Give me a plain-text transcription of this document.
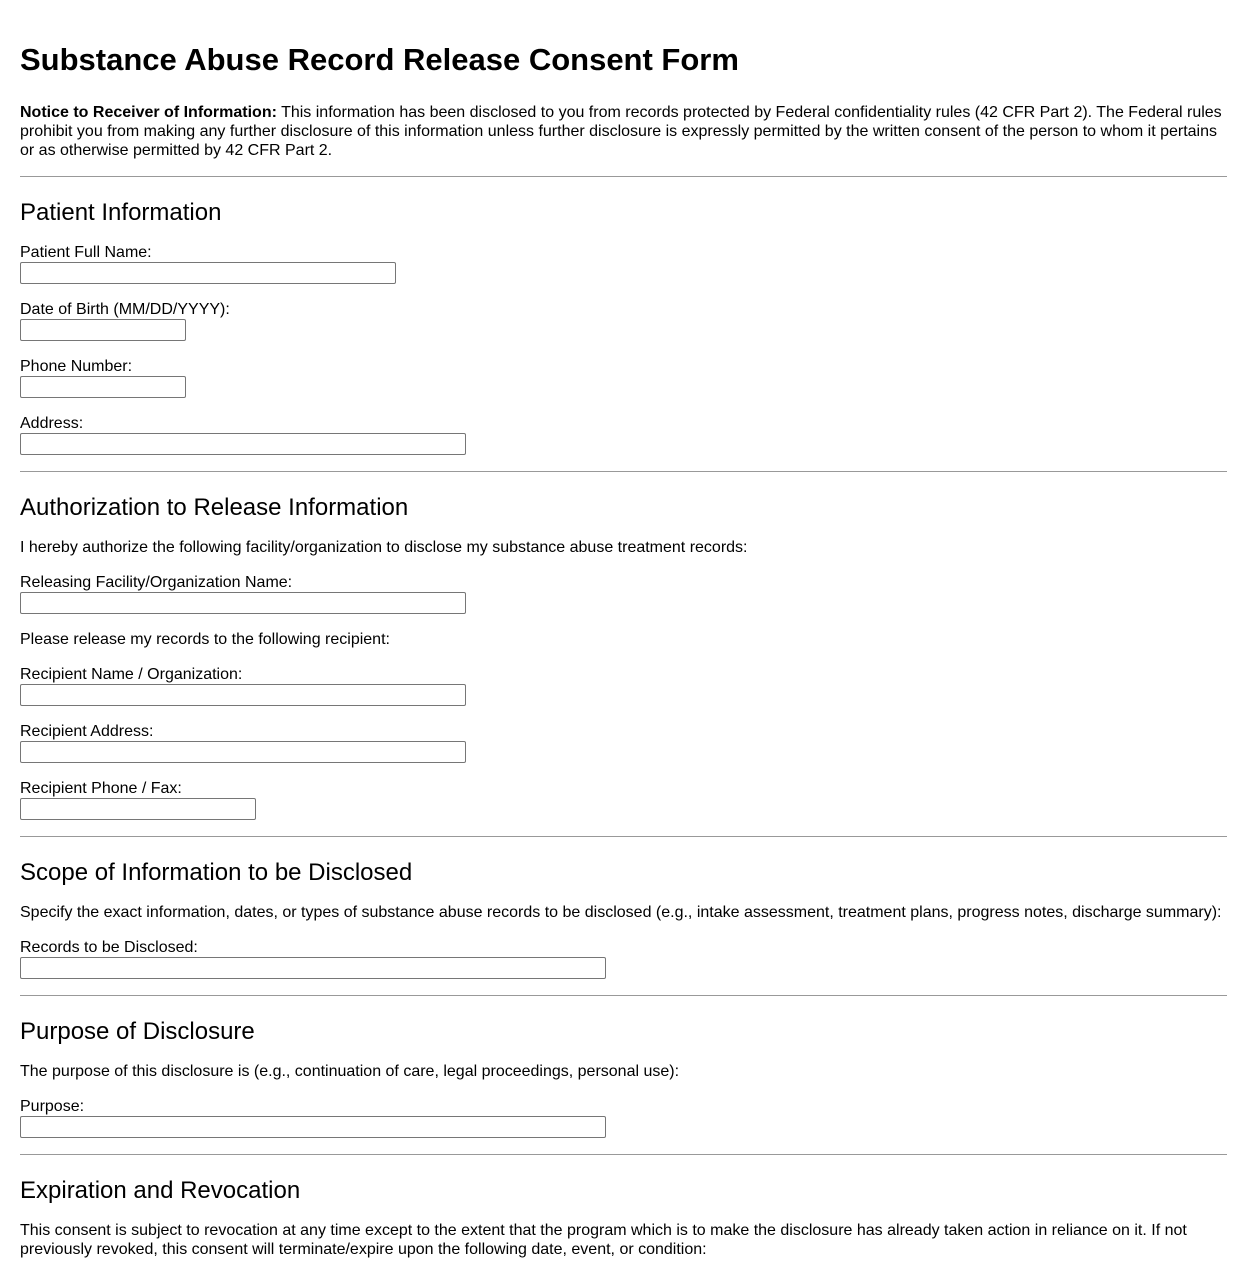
Substance Abuse Record Release Consent Form

Notice to Receiver of Information: This information has been disclosed to you from records protected by Federal confidentiality rules (42 CFR Part 2). The Federal rules prohibit you from making any further disclosure of this information unless further disclosure is expressly permitted by the written consent of the person to whom it pertains or as otherwise permitted by 42 CFR Part 2.

Patient Information
Patient Full Name:
Date of Birth (MM/DD/YYYY):
Phone Number:
Address:
Authorization to Release Information

I hereby authorize the following facility/organization to disclose my substance abuse treatment records:

Releasing Facility/Organization Name:

Please release my records to the following recipient:

Recipient Name / Organization:
Recipient Address:
Recipient Phone / Fax:
Scope of Information to be Disclosed

Specify the exact information, dates, or types of substance abuse records to be disclosed (e.g., intake assessment, treatment plans, progress notes, discharge summary):

Records to be Disclosed:
Purpose of Disclosure

The purpose of this disclosure is (e.g., continuation of care, legal proceedings, personal use):

Purpose:
Expiration and Revocation

This consent is subject to revocation at any time except to the extent that the program which is to make the disclosure has already taken action in reliance on it. If not previously revoked, this consent will terminate/expire upon the following date, event, or condition:
